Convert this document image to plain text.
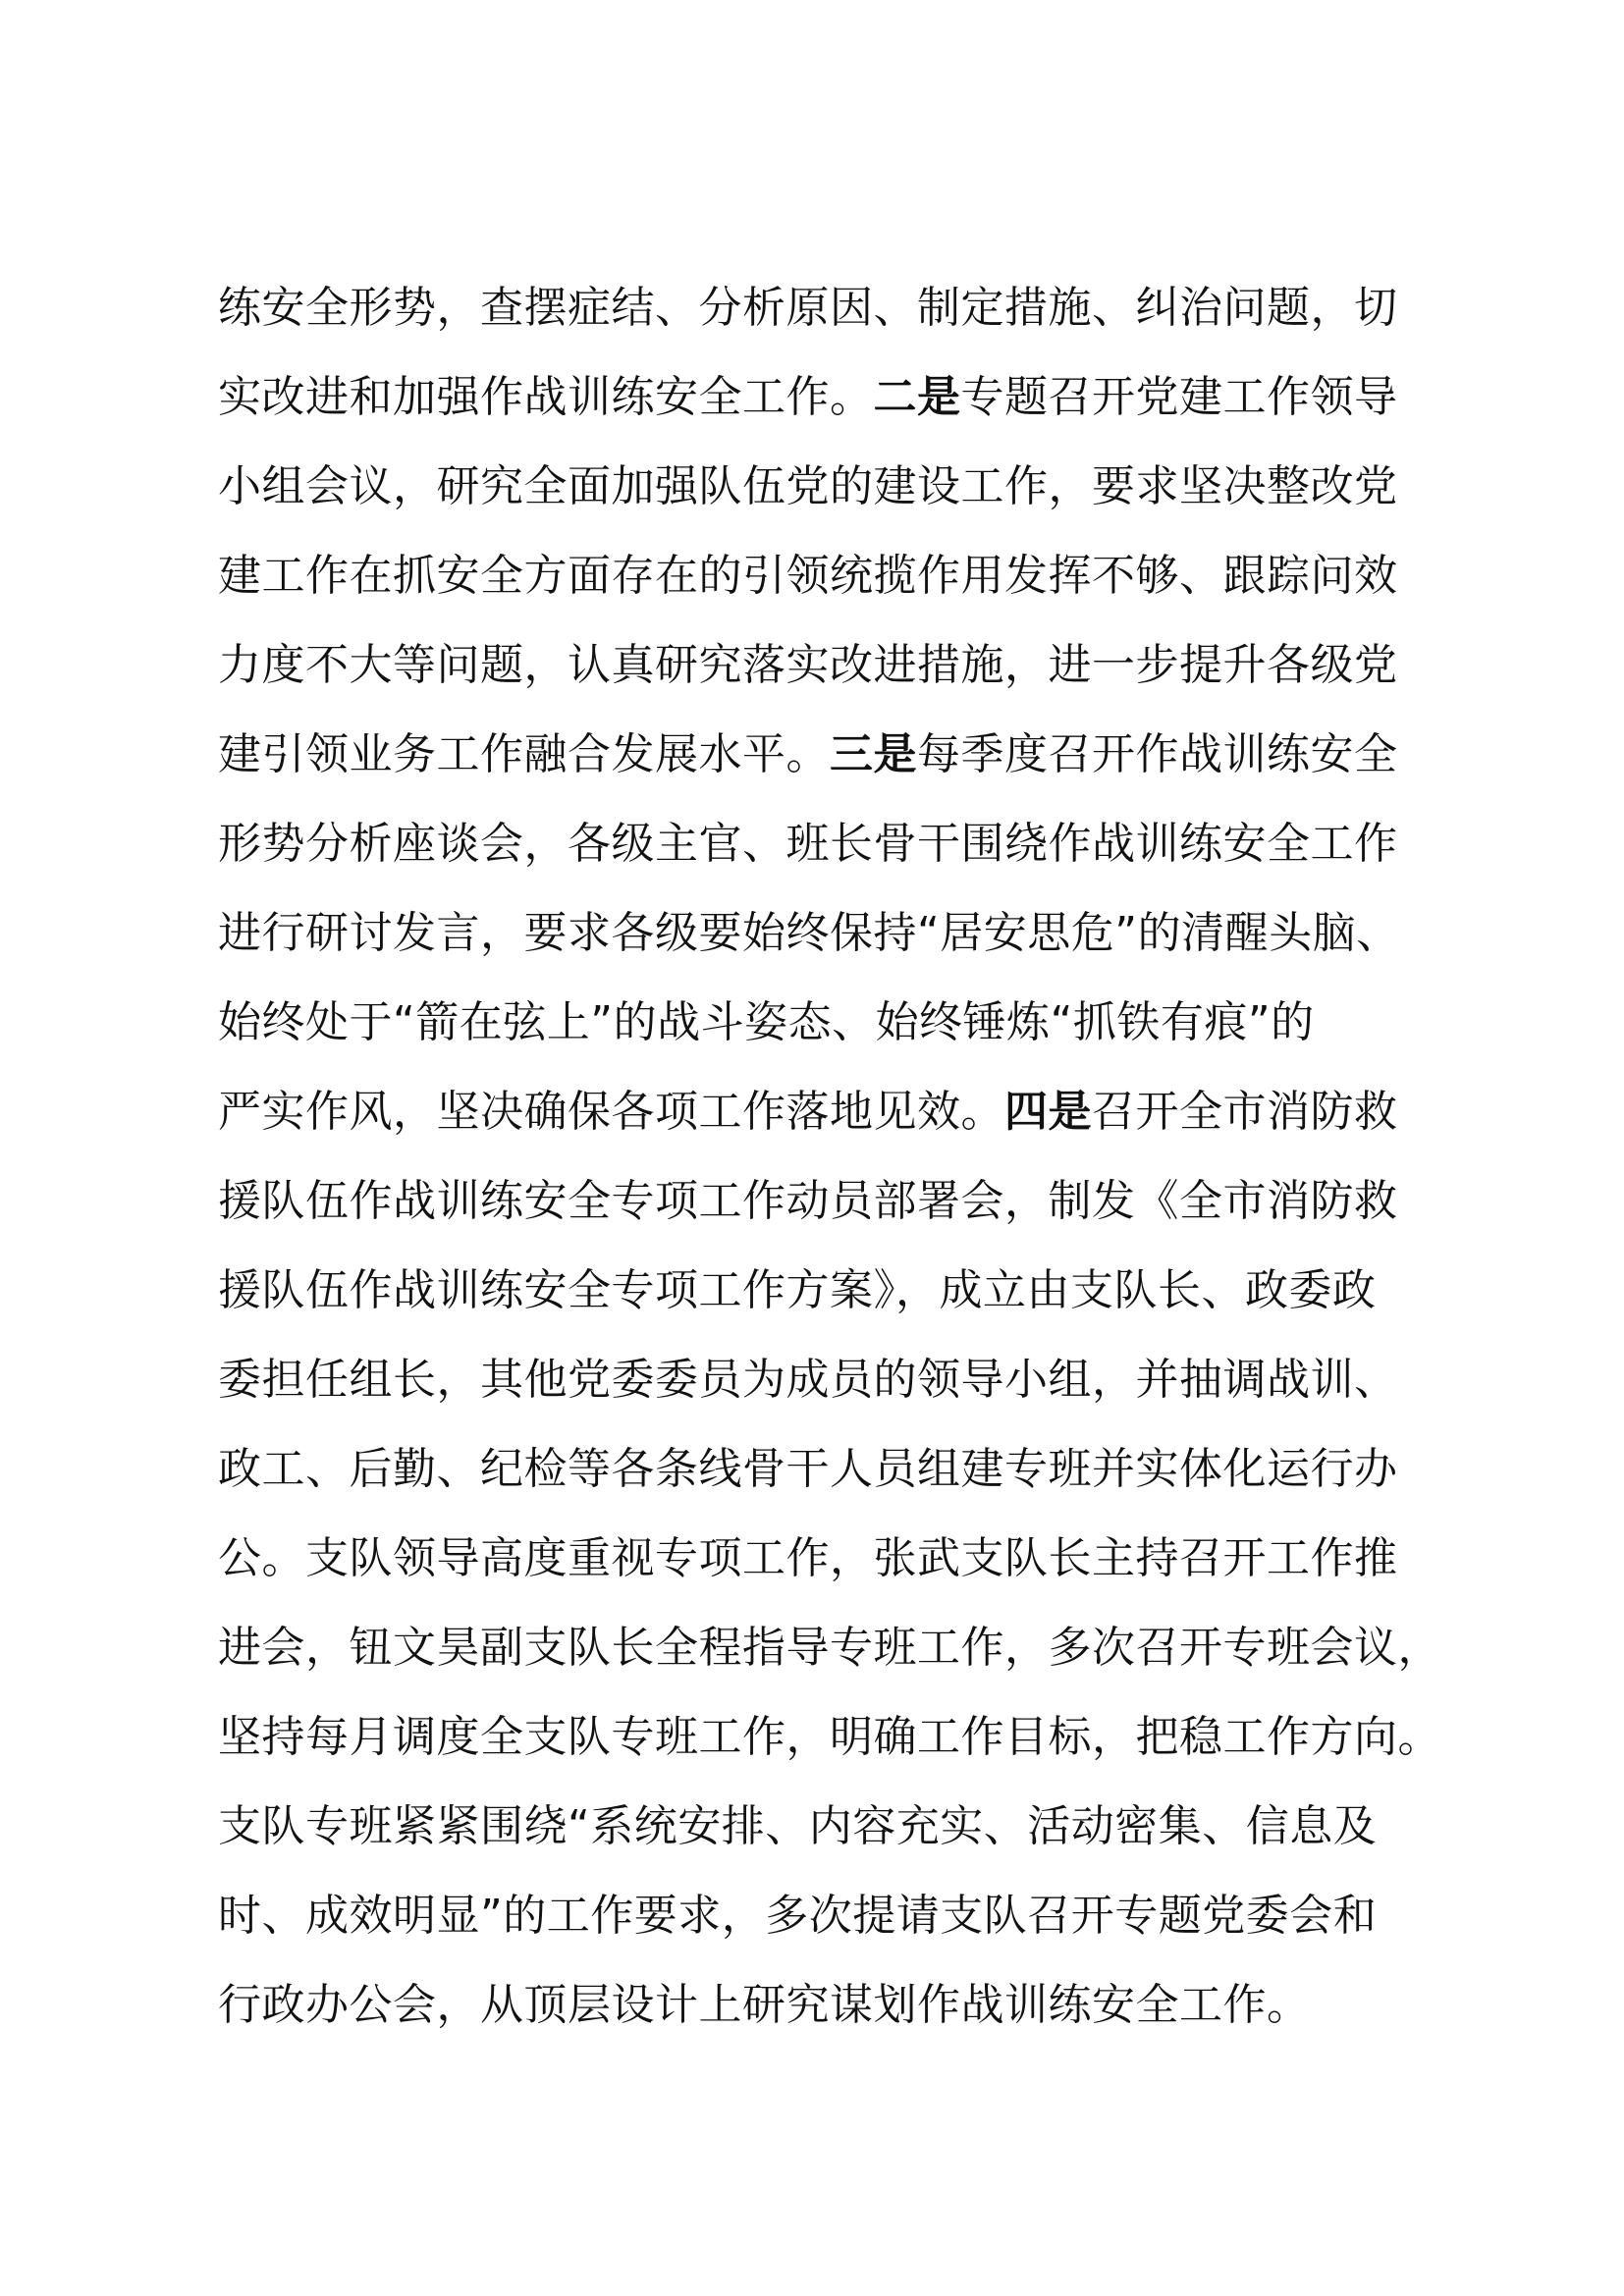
练安全形势，查摆症结、分析原因、制定措施、纠治问题，切
实改进和加强作战训练安全工作。二是专题召开党建工作领导
小组会议，研究全面加强队伍党的建设工作，要求坚决整改党
建工作在抓安全方面存在的引领统揽作用发挥不够、跟踪问效
力度不大等问题，认真研究落实改进措施，进一步提升各级党
建引领业务工作融合发展水平。三是每季度召开作战训练安全
形势分析座谈会，各级主官、班长骨干围绕作战训练安全工作
进行研讨发言，要求各级要始终保持“居安思危”的清醒头脑、
始终处于“箭在弦上”的战斗姿态、始终锤炼“抓铁有痕”的
严实作风，坚决确保各项工作落地见效。四是召开全市消防救
援队伍作战训练安全专项工作动员部署会，制发《全市消防救
援队伍作战训练安全专项工作方案》，成立由支队长、政委政
委担任组长，其他党委委员为成员的领导小组，并抽调战训、
政工、后勤、纪检等各条线骨干人员组建专班并实体化运行办
公。支队领导高度重视专项工作，张武支队长主持召开工作推
进会，钮文昊副支队长全程指导专班工作，多次召开专班会议，
坚持每月调度全支队专班工作，明确工作目标，把稳工作方向。
支队专班紧紧围绕“系统安排、内容充实、活动密集、信息及
时、成效明显”的工作要求，多次提请支队召开专题党委会和
行政办公会，从顶层设计上研究谋划作战训练安全工作。
